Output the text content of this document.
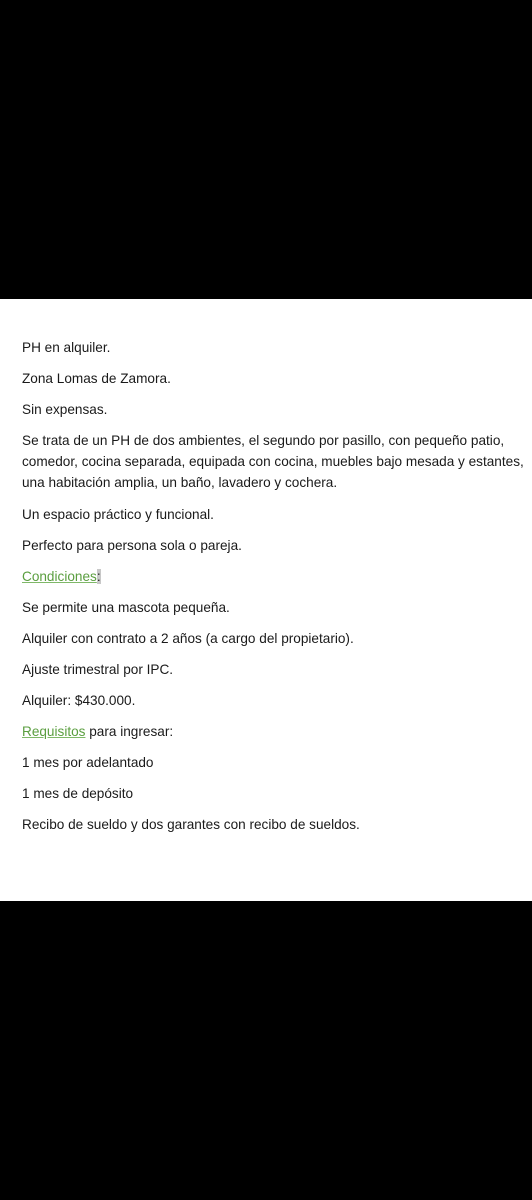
PH en alquiler.

Zona Lomas de Zamora.

Sin expensas.

Se trata de un PH de dos ambientes, el segundo por pasillo, con pequeño patio, comedor, cocina separada, equipada con cocina, muebles bajo mesada y estantes, una habitación amplia, un baño, lavadero y cochera.

Un espacio práctico y funcional.

Perfecto para persona sola o pareja.

Condiciones:

Se permite una mascota pequeña.

Alquiler con contrato a 2 años (a cargo del propietario).

Ajuste trimestral por IPC.

Alquiler: $430.000.

Requisitos para ingresar:

1 mes por adelantado

1 mes de depósito

Recibo de sueldo y dos garantes con recibo de sueldos.
